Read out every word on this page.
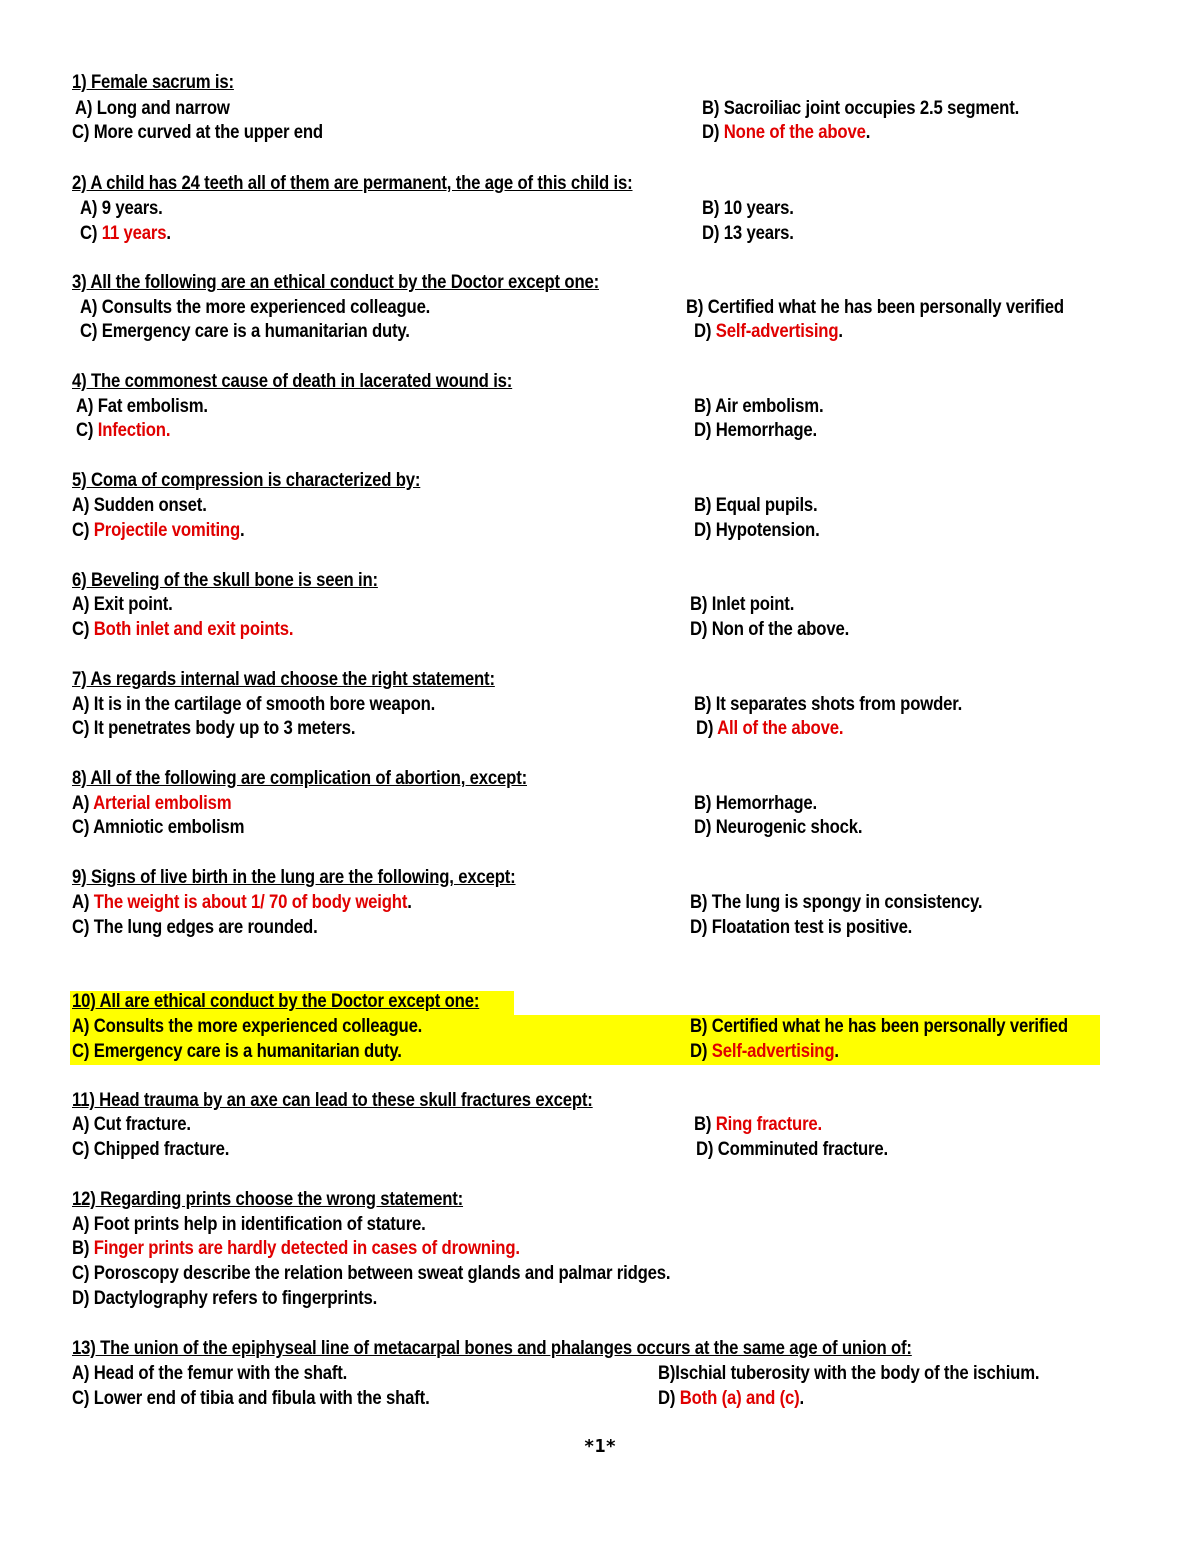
1) Female sacrum is:
A) Long and narrow	B) Sacroiliac joint occupies 2.5 segment.
C) More curved at the upper end	D) None of the above.
2) A child has 24 teeth all of them are permanent, the age of this child is:
A) 9 years.	B) 10 years.
C) 11 years.	D) 13 years.
3) All the following are an ethical conduct by the Doctor except one:
A) Consults the more experienced colleague.	B) Certified what he has been personally verified
C) Emergency care is a humanitarian duty.	D) Self-advertising.
4) The commonest cause of death in lacerated wound is:
A) Fat embolism.	B) Air embolism.
C) Infection.	D) Hemorrhage.
5) Coma of compression is characterized by:
A) Sudden onset.	B) Equal pupils.
C) Projectile vomiting.	D) Hypotension.
6) Beveling of the skull bone is seen in:
A) Exit point.	B) Inlet point.
C) Both inlet and exit points.	D) Non of the above.
7) As regards internal wad choose the right statement:
A) It is in the cartilage of smooth bore weapon.	B) It separates shots from powder.
C) It penetrates body up to 3 meters.	D) All of the above.
8) All of the following are complication of abortion, except:
A) Arterial embolism	B) Hemorrhage.
C) Amniotic embolism	D) Neurogenic shock.
9) Signs of live birth in the lung are the following, except:
A) The weight is about 1/ 70 of body weight.	B) The lung is spongy in consistency.
C) The lung edges are rounded.	D) Floatation test is positive.
10) All are ethical conduct by the Doctor except one:
A) Consults the more experienced colleague.	B) Certified what he has been personally verified
C) Emergency care is a humanitarian duty.	D) Self-advertising.
11) Head trauma by an axe can lead to these skull fractures except:
A) Cut fracture.	B) Ring fracture.
C) Chipped fracture.	D) Comminuted fracture.
12) Regarding prints choose the wrong statement:
A) Foot prints help in identification of stature.
B) Finger prints are hardly detected in cases of drowning.
C) Poroscopy describe the relation between sweat glands and palmar ridges.
D) Dactylography refers to fingerprints.
13) The union of the epiphyseal line of metacarpal bones and phalanges occurs at the same age of union of:
A) Head of the femur with the shaft.	B)Ischial tuberosity with the body of the ischium.
C) Lower end of tibia and fibula with the shaft.	D) Both (a) and (c).
*1*
